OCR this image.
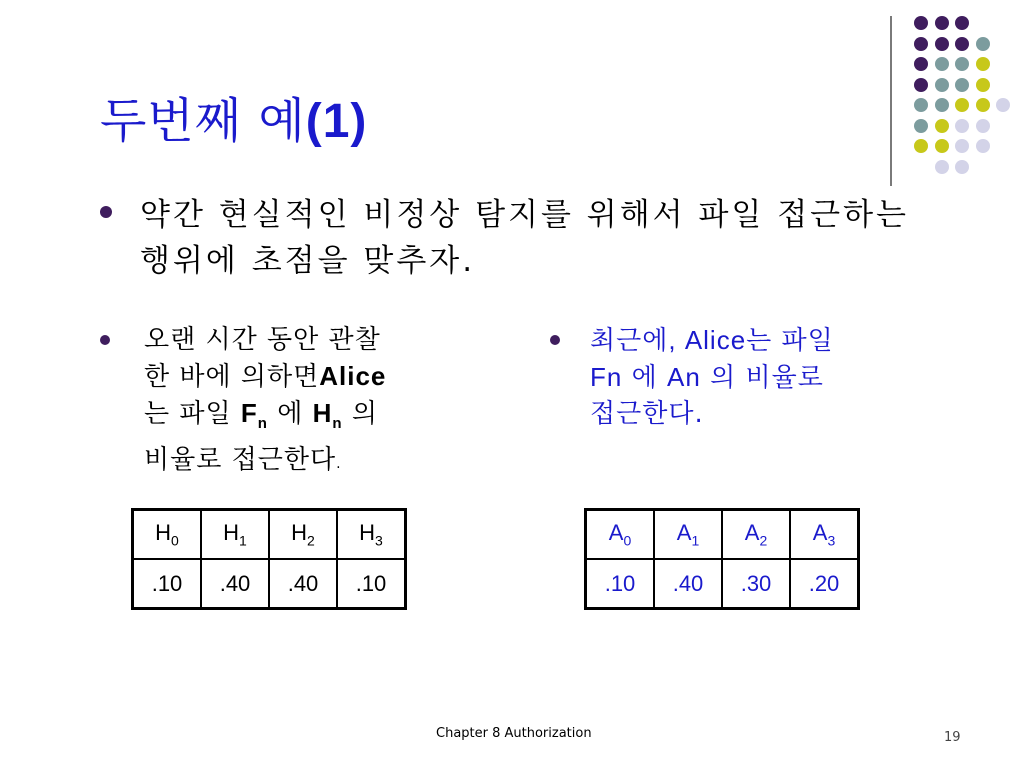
두번째 예(1)
약간 현실적인 비정상 탐지를 위해서 파일 접근하는 행위에 초점을 맞추자.
오랜 시간 동안 관찰
한 바에 의하면Alice
는 파일 $F_n$ 에 $H_n$ 의
비율로 접근한다.
최근에, Alice는 파일
Fn 에 An 의 비율로
접근한다.
$H_0$	$H_1$	$H_2$	$H_3$
.10	.40	.40	.10
$A_0$	$A_1$	$A_2$	$A_3$
.10	.40	.30	.20
Chapter 8 Authorization	19
